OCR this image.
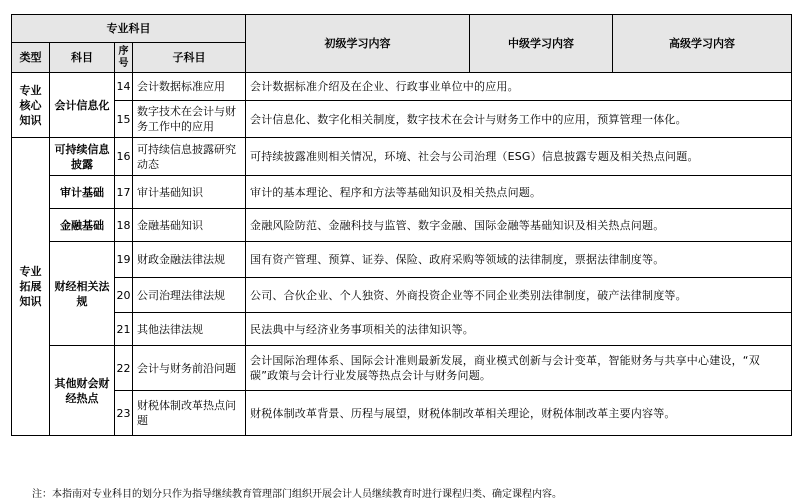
专业科目				初级学习内容	中级学习内容	高级学习内容
类型	科目	序号	子科目			
专业核心知识	会计信息化	14	会计数据标准应用	会计数据标准介绍及在企业、行政事业单位中的应用。		
		15	数字技术在会计与财务工作中的应用	会计信息化、数字化相关制度，数字技术在会计与财务工作中的应用，预算管理一体化。		
专业拓展知识	可持续信息披露	16	可持续信息披露研究动态	可持续披露准则相关情况，环境、社会与公司治理（ESG）信息披露专题及相关热点问题。		
	审计基础	17	审计基础知识	审计的基本理论、程序和方法等基础知识及相关热点问题。		
	金融基础	18	金融基础知识	金融风险防范、金融科技与监管、数字金融、国际金融等基础知识及相关热点问题。		
	财经相关法规	19	财政金融法律法规	国有资产管理、预算、证券、保险、政府采购等领域的法律制度，票据法律制度等。		
		20	公司治理法律法规	公司、合伙企业、个人独资、外商投资企业等不同企业类别法律制度，破产法律制度等。		
		21	其他法律法规	民法典中与经济业务事项相关的法律知识等。		
	其他财会财经热点	22	会计与财务前沿问题	会计国际治理体系、国际会计准则最新发展，商业模式创新与会计变革，智能财务与共享中心建设，“双碳”政策与会计行业发展等热点会计与财务问题。		
		23	财税体制改革热点问题	财税体制改革背景、历程与展望，财税体制改革相关理论，财税体制改革主要内容等。		
注：本指南对专业科目的划分只作为指导继续教育管理部门组织开展会计人员继续教育时进行课程归类、确定课程内容。
